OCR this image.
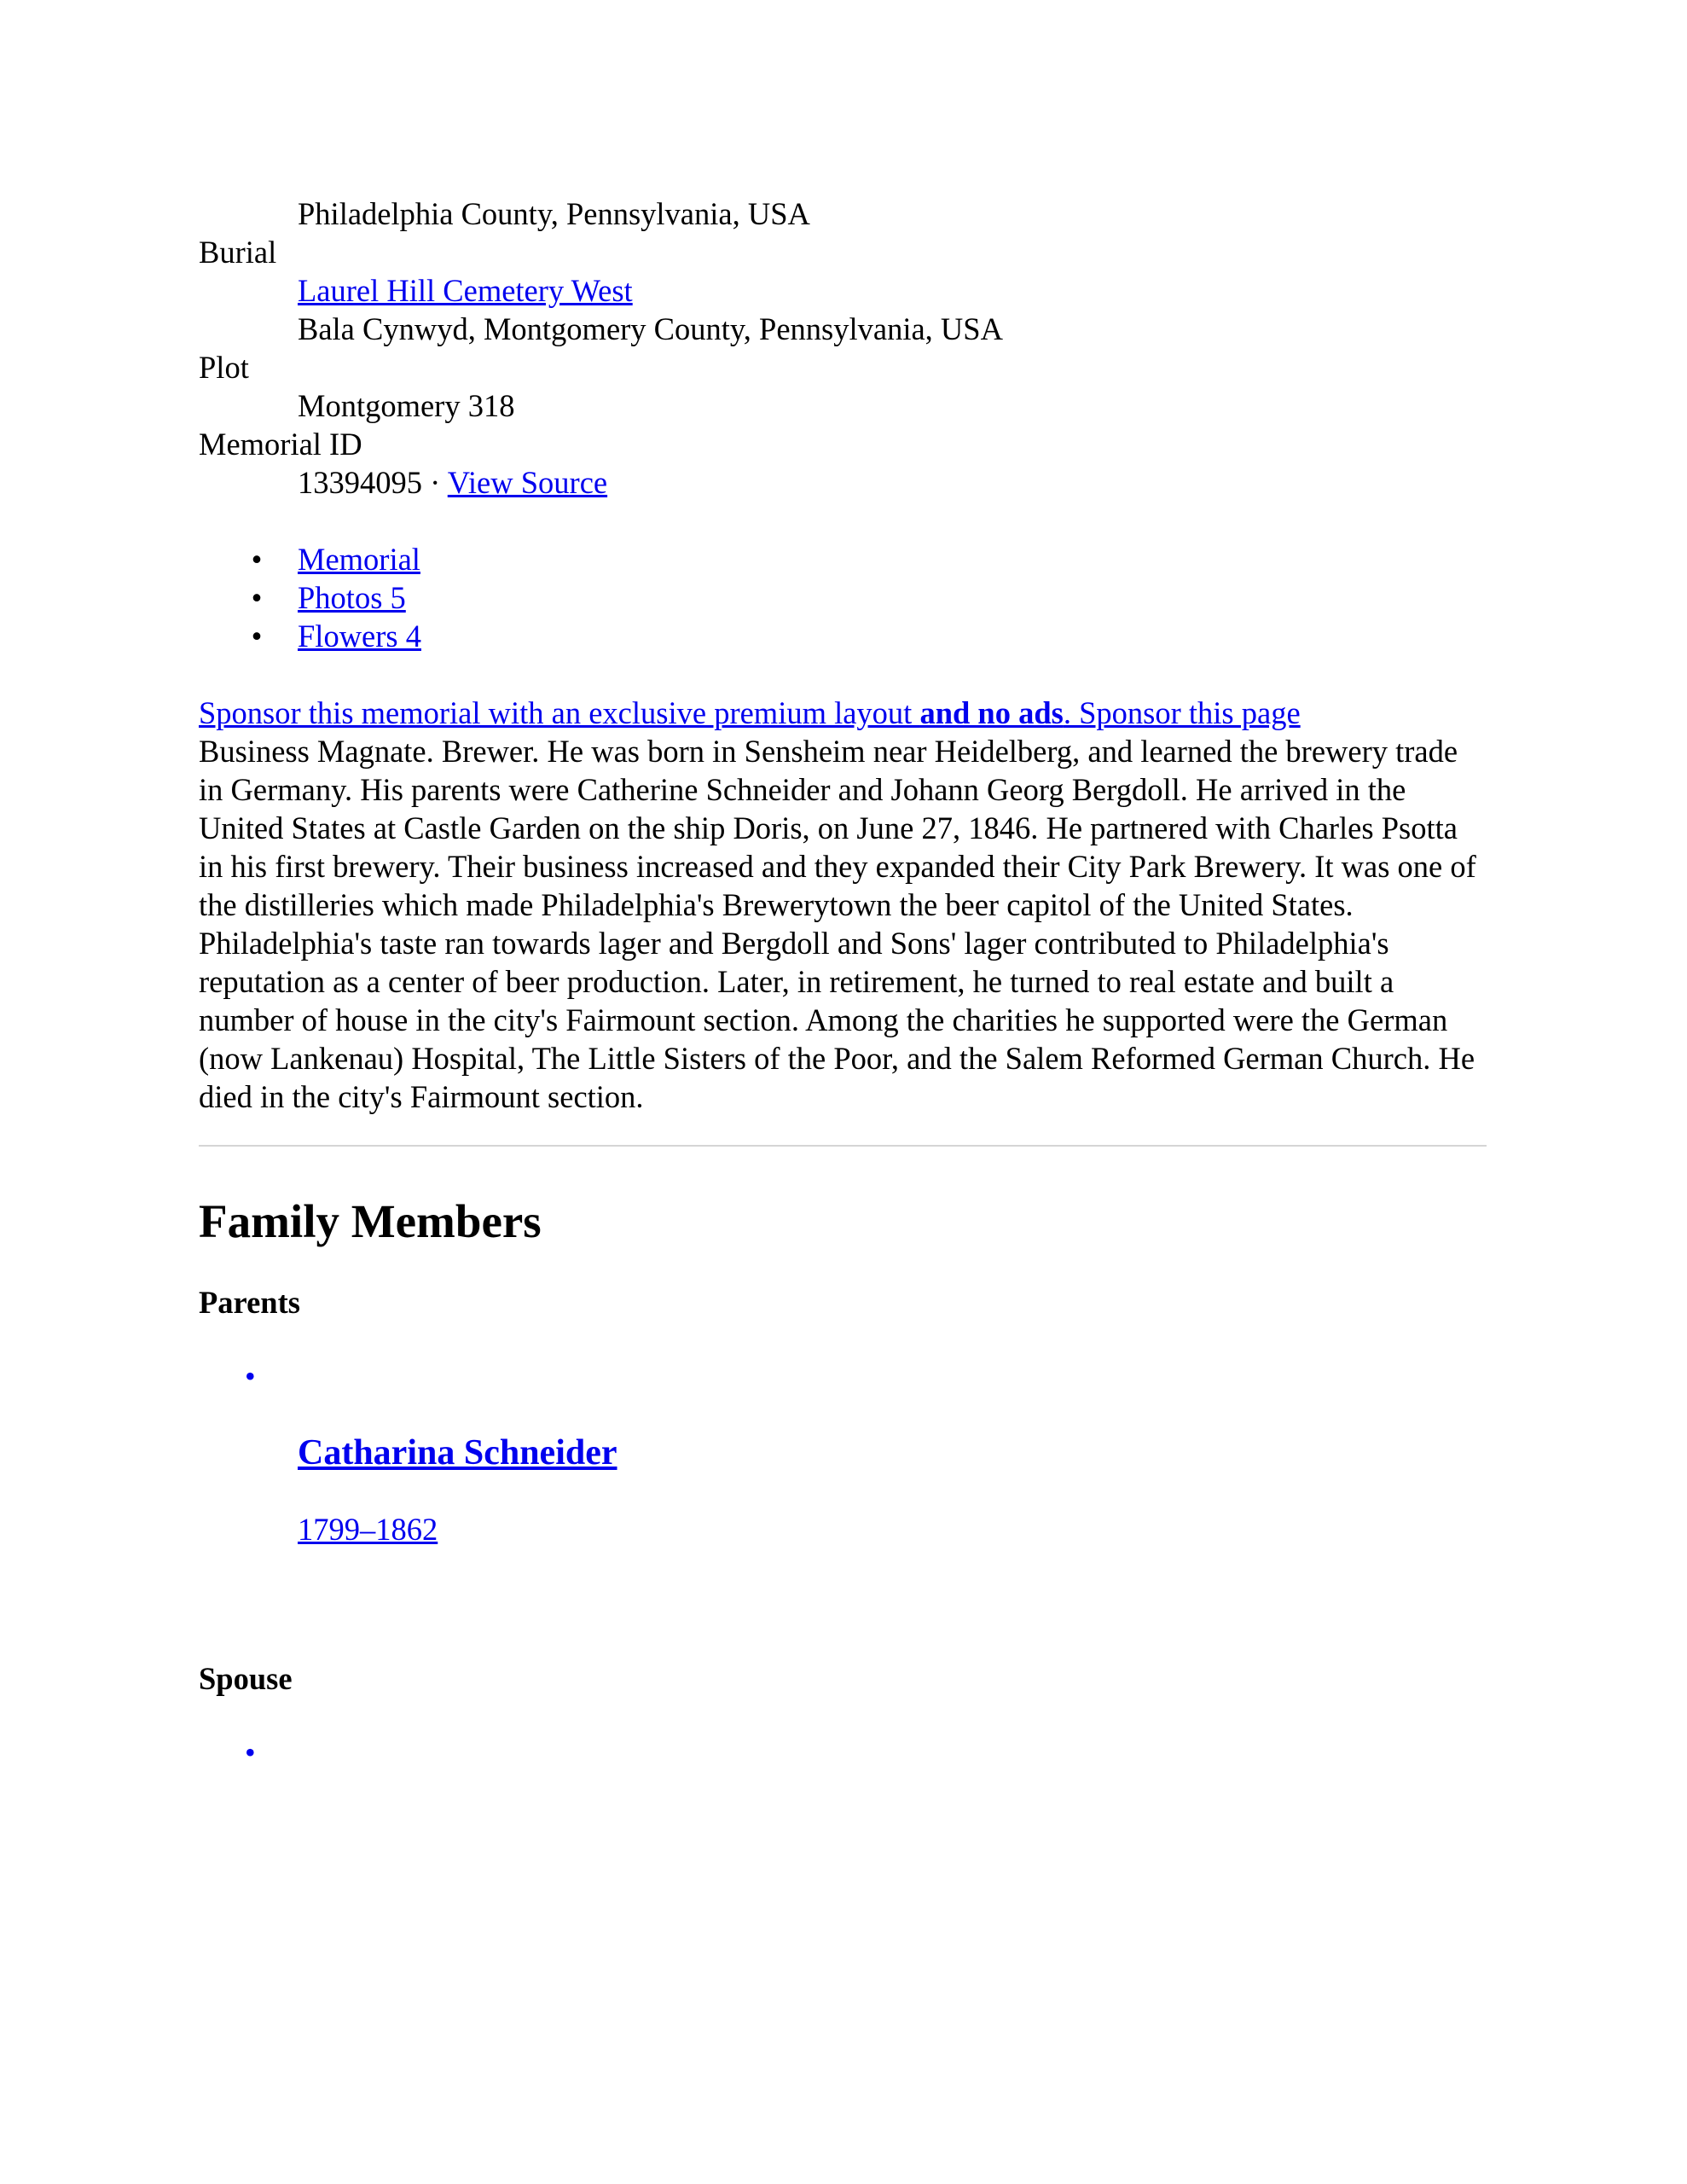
Philadelphia County, Pennsylvania, USA
Burial
Laurel Hill Cemetery West
Bala Cynwyd, Montgomery County, Pennsylvania, USA
Plot
Montgomery 318
Memorial ID
13394095 · View Source
• Memorial
• Photos 5
• Flowers 4
Sponsor this memorial with an exclusive premium layout and no ads. Sponsor this page

Business Magnate. Brewer. He was born in Sensheim near Heidelberg, and learned the brewery trade in Germany. His parents were Catherine Schneider and Johann Georg Bergdoll. He arrived in the United States at Castle Garden on the ship Doris, on June 27, 1846. He partnered with Charles Psotta in his first brewery. Their business increased and they expanded their City Park Brewery. It was one of the distilleries which made Philadelphia's Brewerytown the beer capitol of the United States. Philadelphia's taste ran towards lager and Bergdoll and Sons' lager contributed to Philadelphia's reputation as a center of beer production. Later, in retirement, he turned to real estate and built a number of house in the city's Fairmount section. Among the charities he supported were the German (now Lankenau) Hospital, The Little Sisters of the Poor, and the Salem Reformed German Church. He died in the city's Fairmount section.

Family Members
Parents
•
Catharina Schneider
1799–1862
Spouse
•
